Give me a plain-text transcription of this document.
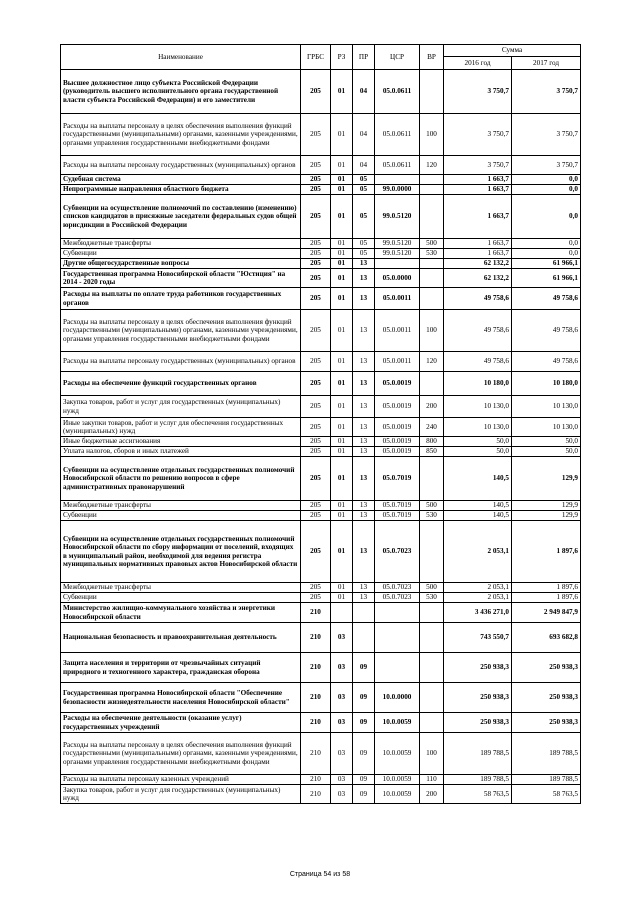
Наименование	ГРБС	РЗ	ПР	ЦСР	ВР	Сумма	
						2016 год	2017 год
Высшее должностное лицо субъекта Российской Федерации (руководитель высшего исполнительного органа государственной власти субъекта Российской Федерации) и его заместители	205	01	04	05.0.0611		3 750,7	3 750,7
Расходы на выплаты персоналу в целях обеспечения выполнения функций государственными (муниципальными) органами, казенными учреждениями, органами управления государственными внебюджетными фондами	205	01	04	05.0.0611	100	3 750,7	3 750,7
Расходы на выплаты персоналу государственных (муниципальных) органов	205	01	04	05.0.0611	120	3 750,7	3 750,7
Судебная система	205	01	05			1 663,7	0,0
Непрограммные направления областного бюджета	205	01	05	99.0.0000		1 663,7	0,0
Субвенции на осуществление полномочий по составлению (изменению) списков кандидатов в присяжные заседатели федеральных судов общей юрисдикции в Российской Федерации	205	01	05	99.0.5120		1 663,7	0,0
Межбюджетные трансферты	205	01	05	99.0.5120	500	1 663,7	0,0
Субвенции	205	01	05	99.0.5120	530	1 663,7	0,0
Другие общегосударственные вопросы	205	01	13			62 132,2	61 966,1
Государственная программа Новосибирской области "Юстиция" на 2014 - 2020 годы	205	01	13	05.0.0000		62 132,2	61 966,1
Расходы на выплаты по оплате труда работников государственных органов	205	01	13	05.0.0011		49 758,6	49 758,6
Расходы на выплаты персоналу в целях обеспечения выполнения функций государственными (муниципальными) органами, казенными учреждениями, органами управления государственными внебюджетными фондами	205	01	13	05.0.0011	100	49 758,6	49 758,6
Расходы на выплаты персоналу государственных (муниципальных) органов	205	01	13	05.0.0011	120	49 758,6	49 758,6
Расходы на обеспечение функций государственных органов	205	01	13	05.0.0019		10 180,0	10 180,0
Закупка товаров, работ и услуг для государственных (муниципальных) нужд	205	01	13	05.0.0019	200	10 130,0	10 130,0
Иные закупки товаров, работ и услуг для обеспечения государственных (муниципальных) нужд	205	01	13	05.0.0019	240	10 130,0	10 130,0
Иные бюджетные ассигнования	205	01	13	05.0.0019	800	50,0	50,0
Уплата налогов, сборов и иных платежей	205	01	13	05.0.0019	850	50,0	50,0
Субвенции на осуществление отдельных государственных полномочий Новосибирской области по решению вопросов в сфере административных правонарушений	205	01	13	05.0.7019		140,5	129,9
Межбюджетные трансферты	205	01	13	05.0.7019	500	140,5	129,9
Субвенции	205	01	13	05.0.7019	530	140,5	129,9
Субвенции на осуществление отдельных государственных полномочий Новосибирской области по сбору информации от поселений, входящих в муниципальный район, необходимой для ведения регистра муниципальных нормативных правовых актов Новосибирской области	205	01	13	05.0.7023		2 053,1	1 897,6
Межбюджетные трансферты	205	01	13	05.0.7023	500	2 053,1	1 897,6
Субвенции	205	01	13	05.0.7023	530	2 053,1	1 897,6
Министерство жилищно-коммунального хозяйства и энергетики Новосибирской области	210					3 436 271,0	2 949 847,9
Национальная безопасность и правоохранительная деятельность	210	03				743 550,7	693 682,8
Защита населения и территории от чрезвычайных ситуаций природного и техногенного характера, гражданская оборона	210	03	09			250 938,3	250 938,3
Государственная программа Новосибирской области "Обеспечение безопасности жизнедеятельности населения Новосибирской области"	210	03	09	10.0.0000		250 938,3	250 938,3
Расходы на обеспечение деятельности (оказание услуг) государственных учреждений	210	03	09	10.0.0059		250 938,3	250 938,3
Расходы на выплаты персоналу в целях обеспечения выполнения функций государственными (муниципальными) органами, казенными учреждениями, органами управления государственными внебюджетными фондами	210	03	09	10.0.0059	100	189 788,5	189 788,5
Расходы на выплаты персоналу казенных учреждений	210	03	09	10.0.0059	110	189 788,5	189 788,5
Закупка товаров, работ и услуг для государственных (муниципальных) нужд	210	03	09	10.0.0059	200	58 763,5	58 763,5
Страница 54 из 58
